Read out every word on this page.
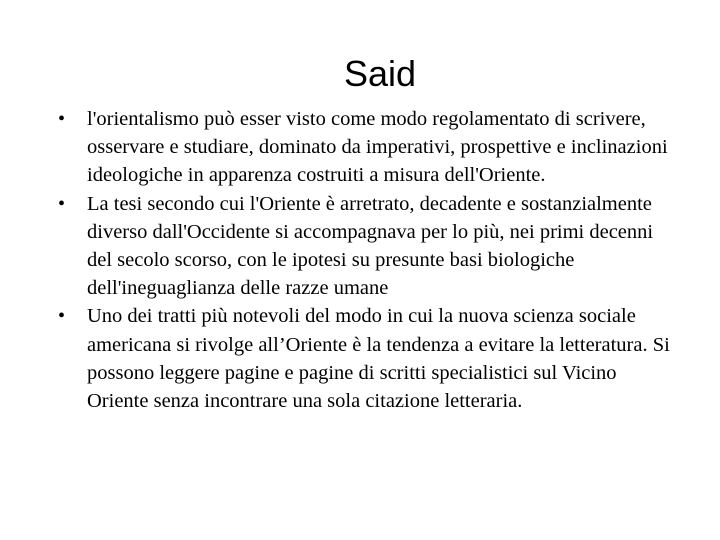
Said
• l'orientalismo può esser visto come modo regolamentato di scrivere, osservare e studiare, dominato da imperativi, prospettive e inclinazioni ideologiche in apparenza costruiti a misura dell'Oriente.
• La tesi secondo cui l'Oriente è arretrato, decadente e sostanzialmente diverso dall'Occidente si accompagnava per lo più, nei primi decenni del secolo scorso, con le ipotesi su presunte basi biologiche dell'ineguaglianza delle razze umane
• Uno dei tratti più notevoli del modo in cui la nuova scienza sociale americana si rivolge all’Oriente è la tendenza a evitare la letteratura. Si possono leggere pagine e pagine di scritti specialistici sul Vicino Oriente senza incontrare una sola citazione letteraria.
